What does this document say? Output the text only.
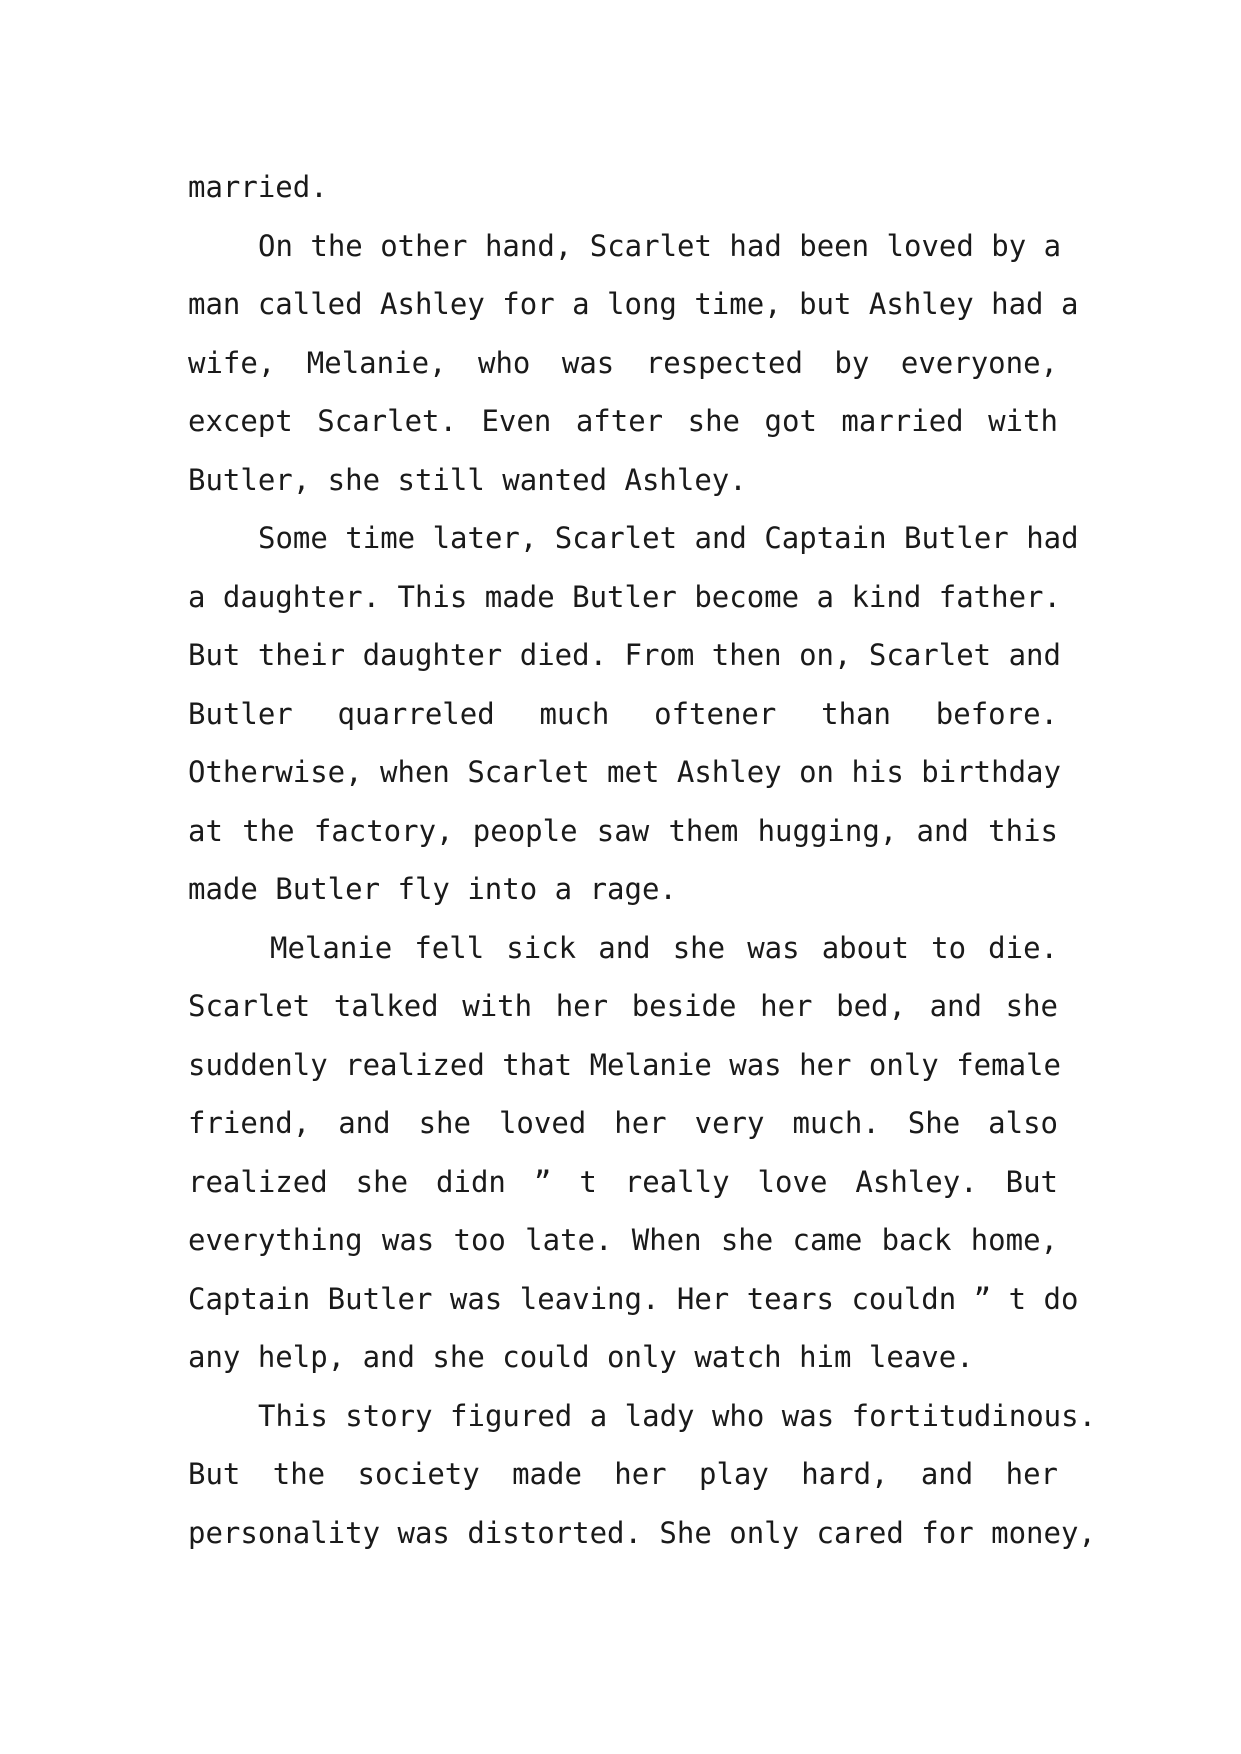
married.
On the other hand, Scarlet had been loved by a
man called Ashley for a long time, but Ashley had a
wife, Melanie, who was respected by everyone,
except Scarlet. Even after she got married with
Butler, she still wanted Ashley.
Some time later, Scarlet and Captain Butler had
a daughter. This made Butler become a kind father.
But their daughter died. From then on, Scarlet and
Butler quarreled much oftener than before.
Otherwise, when Scarlet met Ashley on his birthday
at the factory, people saw them hugging, and this
made Butler fly into a rage.
Melanie fell sick and she was about to die.
Scarlet talked with her beside her bed, and she
suddenly realized that Melanie was her only female
friend, and she loved her very much. She also
realized she didn ” t really love Ashley. But
everything was too late. When she came back home,
Captain Butler was leaving. Her tears couldn ” t do
any help, and she could only watch him leave.
This story figured a lady who was fortitudinous.
But the society made her play hard, and her
personality was distorted. She only cared for money,
